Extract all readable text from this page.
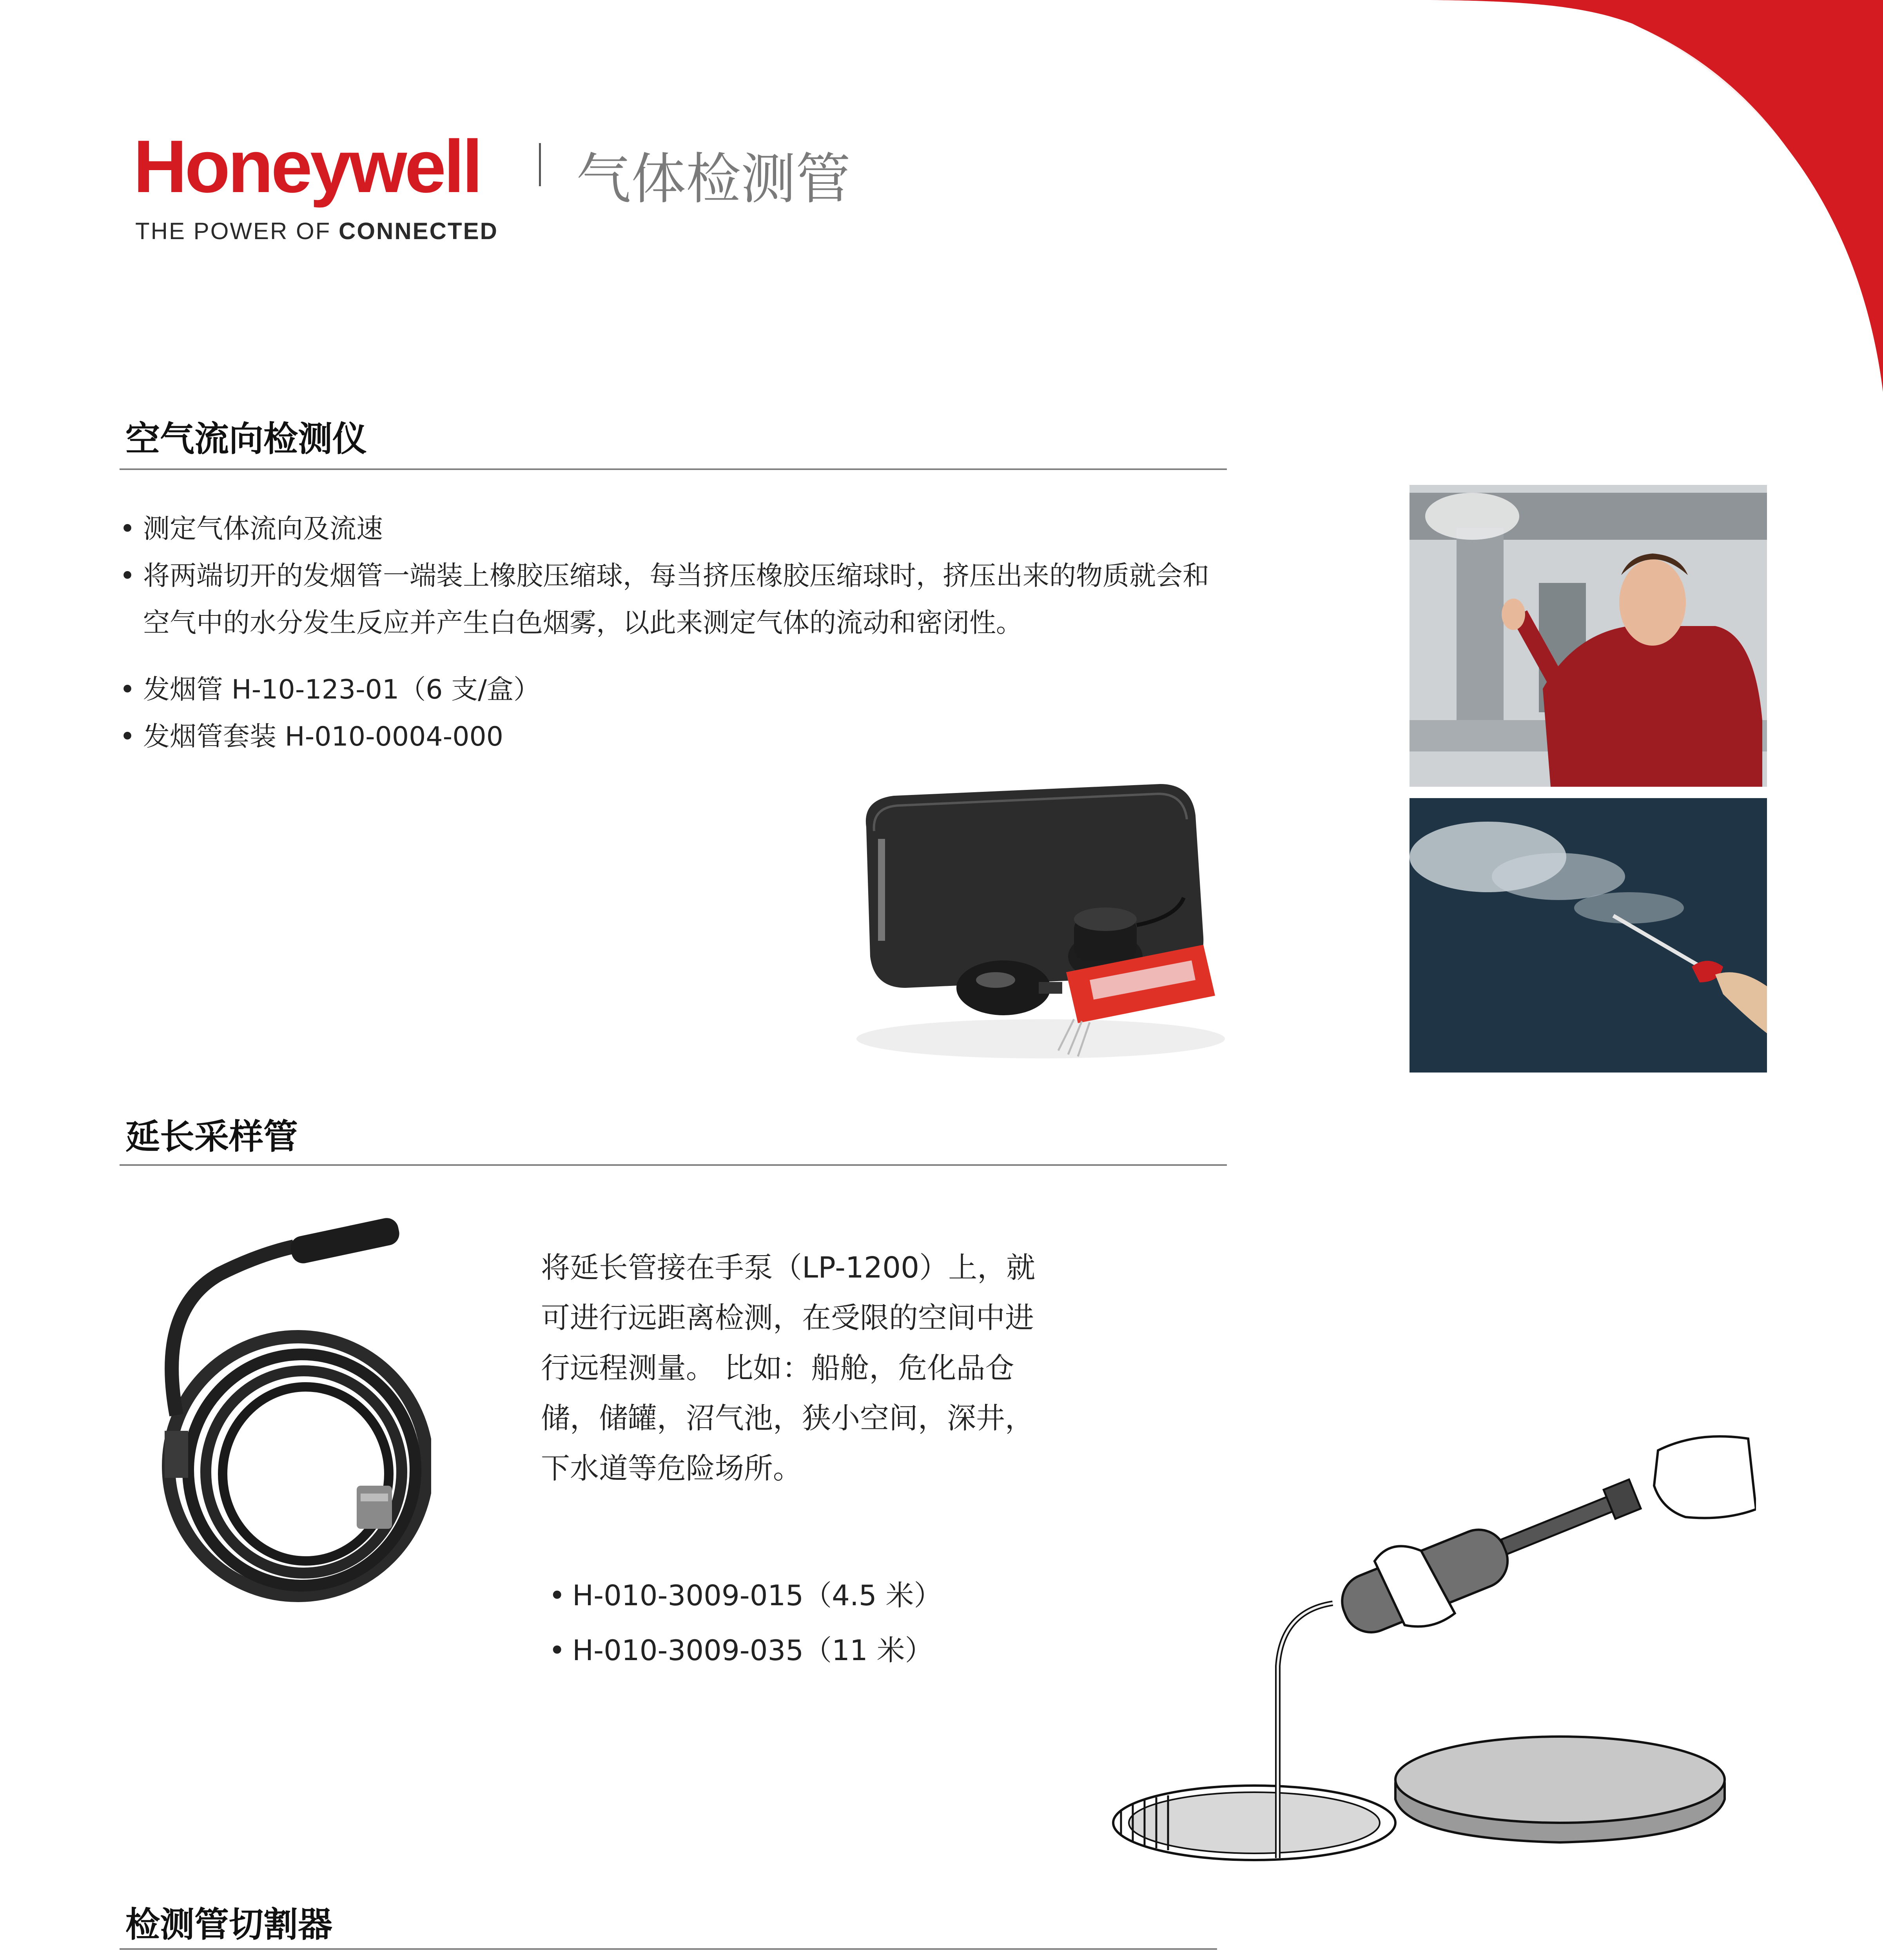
Honeywell
THE POWER OF CONNECTED
气体检测管
空气流向检测仪
• 测定气体流向及流速
• 将两端切开的发烟管一端装上橡胶压缩球，每当挤压橡胶压缩球时，挤压出来的物质就会和空气中的水分发生反应并产生白色烟雾，以此来测定气体的流动和密闭性。
• 发烟管 H-10-123-01（6 支/盒）
• 发烟管套装 H-010-0004-000
延长采样管
将延长管接在手泵（LP-1200）上，就可进行远距离检测，在受限的空间中进行远程测量。 比如：船舱，危化品仓储，储罐，沼气池，狭小空间，深井，下水道等危险场所。
• H-010-3009-015（4.5 米）
• H-010-3009-035（11 米）
检测管切割器
